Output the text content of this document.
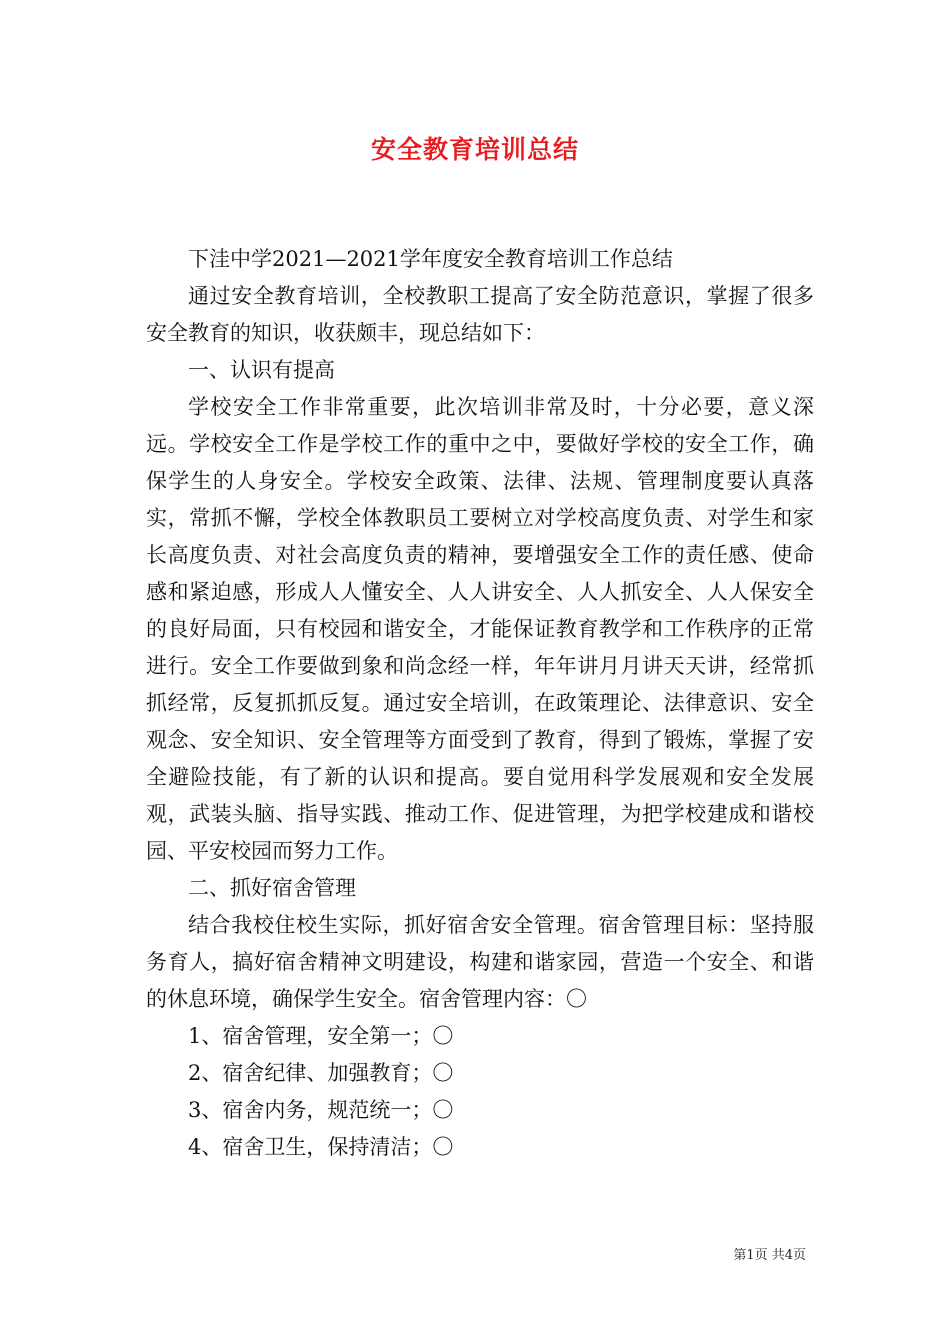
安全教育培训总结

下洼中学2021—2021学年度安全教育培训工作总结

通过安全教育培训，全校教职工提高了安全防范意识，掌握了很多安全教育的知识，收获颇丰，现总结如下：

一、认识有提高

学校安全工作非常重要，此次培训非常及时，十分必要，意义深远。学校安全工作是学校工作的重中之中，要做好学校的安全工作，确保学生的人身安全。学校安全政策、法律、法规、管理制度要认真落实，常抓不懈，学校全体教职员工要树立对学校高度负责、对学生和家长高度负责、对社会高度负责的精神，要增强安全工作的责任感、使命感和紧迫感，形成人人懂安全、人人讲安全、人人抓安全、人人保安全的良好局面，只有校园和谐安全，才能保证教育教学和工作秩序的正常进行。安全工作要做到象和尚念经一样，年年讲月月讲天天讲，经常抓抓经常，反复抓抓反复。通过安全培训，在政策理论、法律意识、安全观念、安全知识、安全管理等方面受到了教育，得到了锻炼，掌握了安全避险技能，有了新的认识和提高。要自觉用科学发展观和安全发展观，武装头脑、指导实践、推动工作、促进管理，为把学校建成和谐校园、平安校园而努力工作。

二、抓好宿舍管理

结合我校住校生实际，抓好宿舍安全管理。宿舍管理目标：坚持服务育人，搞好宿舍精神文明建设，构建和谐家园，营造一个安全、和谐的休息环境，确保学生安全。宿舍管理内容：〇

1、宿舍管理，安全第一；〇

2、宿舍纪律、加强教育；〇

3、宿舍内务，规范统一；〇

4、宿舍卫生，保持清洁；〇

第1页 共4页
